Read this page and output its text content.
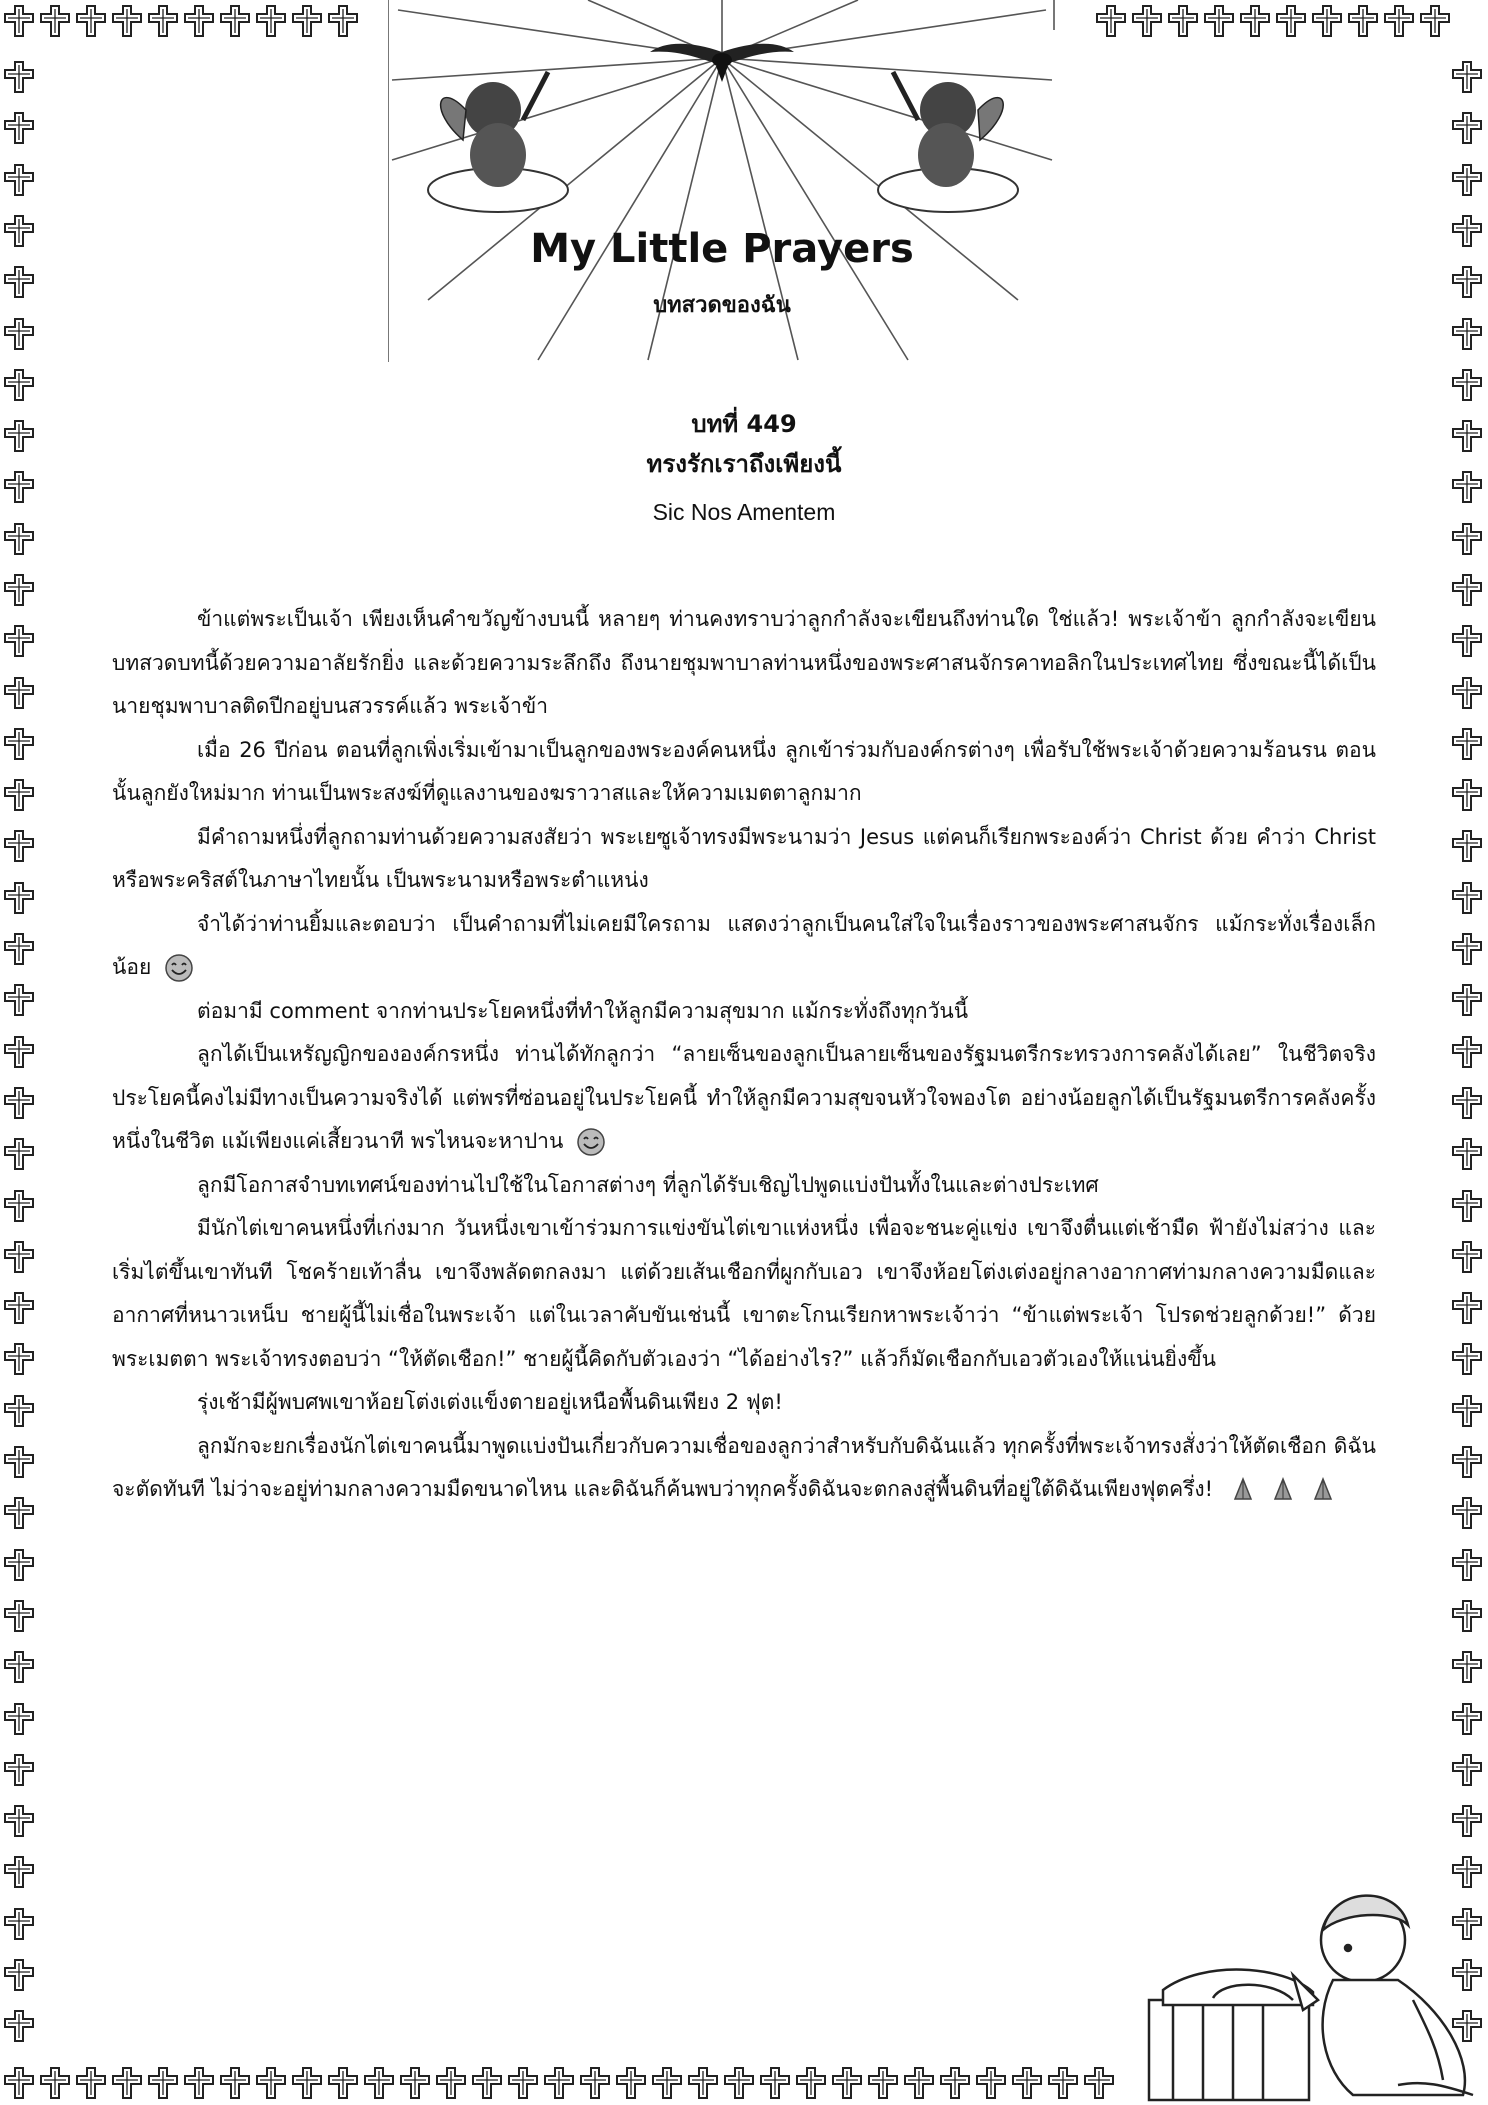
My Little Prayers
บทสวดของฉัน
บทที่ 449
ทรงรักเราถึงเพียงนี้
Sic Nos Amentem

ข้าแต่พระเป็นเจ้า เพียงเห็นคำขวัญข้างบนนี้ หลายๆ ท่านคงทราบว่าลูกกำลังจะเขียนถึงท่านใด ใช่แล้ว! พระเจ้าข้า ลูกกำลังจะเขียนบทสวดบทนี้ด้วยความอาลัยรักยิ่ง และด้วยความระลึกถึง ถึงนายชุมพาบาลท่านหนึ่งของพระศาสนจักรคาทอลิกในประเทศไทย ซึ่งขณะนี้ได้เป็นนายชุมพาบาลติดปีกอยู่บนสวรรค์แล้ว พระเจ้าข้า

เมื่อ 26 ปีก่อน ตอนที่ลูกเพิ่งเริ่มเข้ามาเป็นลูกของพระองค์คนหนึ่ง ลูกเข้าร่วมกับองค์กรต่างๆ เพื่อรับใช้พระเจ้าด้วยความร้อนรน ตอนนั้นลูกยังใหม่มาก ท่านเป็นพระสงฆ์ที่ดูแลงานของฆราวาสและให้ความเมตตาลูกมาก

มีคำถามหนึ่งที่ลูกถามท่านด้วยความสงสัยว่า พระเยซูเจ้าทรงมีพระนามว่า Jesus แต่คนก็เรียกพระองค์ว่า Christ ด้วย คำว่า Christ หรือพระคริสต์ในภาษาไทยนั้น เป็นพระนามหรือพระตำแหน่ง

จำได้ว่าท่านยิ้มและตอบว่า เป็นคำถามที่ไม่เคยมีใครถาม แสดงว่าลูกเป็นคนใส่ใจในเรื่องราวของพระศาสนจักร แม้กระทั่งเรื่องเล็กน้อย

ต่อมามี comment จากท่านประโยคหนึ่งที่ทำให้ลูกมีความสุขมาก แม้กระทั่งถึงทุกวันนี้

ลูกได้เป็นเหรัญญิกขององค์กรหนึ่ง ท่านได้ทักลูกว่า “ลายเซ็นของลูกเป็นลายเซ็นของรัฐมนตรีกระทรวงการคลังได้เลย” ในชีวิตจริง ประโยคนี้คงไม่มีทางเป็นความจริงได้ แต่พรที่ซ่อนอยู่ในประโยคนี้ ทำให้ลูกมีความสุขจนหัวใจพองโต อย่างน้อยลูกได้เป็นรัฐมนตรีการคลังครั้งหนึ่งในชีวิต แม้เพียงแค่เสี้ยวนาที พรไหนจะหาปาน

ลูกมีโอกาสจำบทเทศน์ของท่านไปใช้ในโอกาสต่างๆ ที่ลูกได้รับเชิญไปพูดแบ่งปันทั้งในและต่างประเทศ

มีนักไต่เขาคนหนึ่งที่เก่งมาก วันหนึ่งเขาเข้าร่วมการแข่งขันไต่เขาแห่งหนึ่ง เพื่อจะชนะคู่แข่ง เขาจึงตื่นแต่เช้ามืด ฟ้ายังไม่สว่าง และเริ่มไต่ขึ้นเขาทันที โชคร้ายเท้าลื่น เขาจึงพลัดตกลงมา แต่ด้วยเส้นเชือกที่ผูกกับเอว เขาจึงห้อยโต่งเต่งอยู่กลางอากาศท่ามกลางความมืดและอากาศที่หนาวเหน็บ ชายผู้นี้ไม่เชื่อในพระเจ้า แต่ในเวลาคับขันเช่นนี้ เขาตะโกนเรียกหาพระเจ้าว่า “ข้าแต่พระเจ้า โปรดช่วยลูกด้วย!” ด้วยพระเมตตา พระเจ้าทรงตอบว่า “ให้ตัดเชือก!” ชายผู้นี้คิดกับตัวเองว่า “ได้อย่างไร?” แล้วก็มัดเชือกกับเอวตัวเองให้แน่นยิ่งขึ้น

รุ่งเช้ามีผู้พบศพเขาห้อยโต่งเต่งแข็งตายอยู่เหนือพื้นดินเพียง 2 ฟุต!

ลูกมักจะยกเรื่องนักไต่เขาคนนี้มาพูดแบ่งปันเกี่ยวกับความเชื่อของลูกว่าสำหรับกับดิฉันแล้ว ทุกครั้งที่พระเจ้าทรงสั่งว่าให้ตัดเชือก ดิฉันจะตัดทันที ไม่ว่าจะอยู่ท่ามกลางความมืดขนาดไหน และดิฉันก็ค้นพบว่าทุกครั้งดิฉันจะตกลงสู่พื้นดินที่อยู่ใต้ดิฉันเพียงฟุตครึ่ง!
